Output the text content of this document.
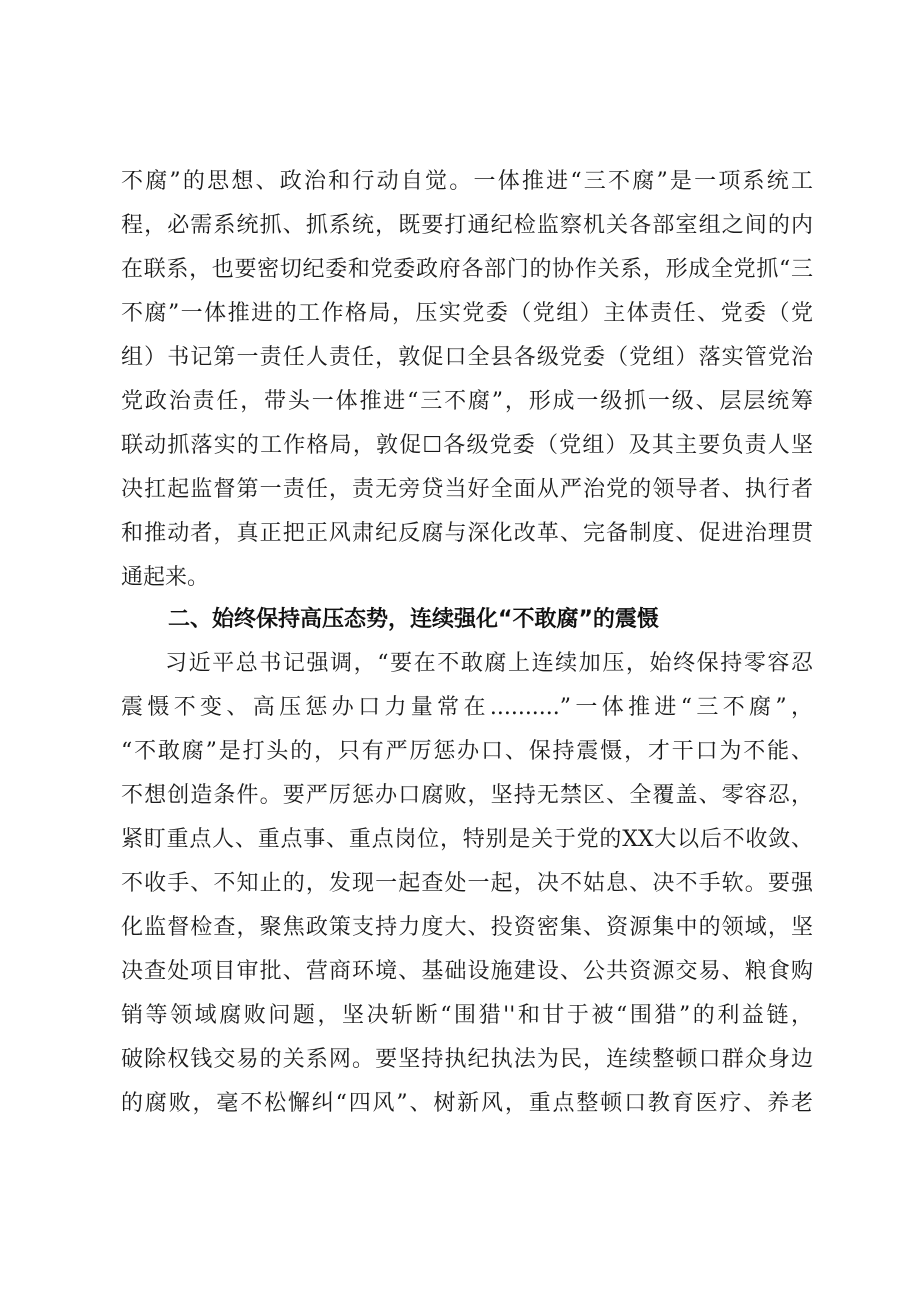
不腐”的思想、政治和行动自觉。一体推进“三不腐”是一项系统工
程，必需系统抓、抓系统，既要打通纪检监察机关各部室组之间的内
在联系，也要密切纪委和党委政府各部门的协作关系，形成全党抓“三
不腐”一体推进的工作格局，压实党委（党组）主体责任、党委（党
组）书记第一责任人责任，敦促口全县各级党委（党组）落实管党治
党政治责任，带头一体推进“三不腐”，形成一级抓一级、层层统筹
联动抓落实的工作格局，敦促☐各级党委（党组）及其主要负责人坚
决扛起监督第一责任，责无旁贷当好全面从严治党的领导者、执行者
和推动者，真正把正风肃纪反腐与深化改革、完备制度、促进治理贯
通起来。
二、始终保持高压态势，连续强化“不敢腐”的震慑
习近平总书记强调，“要在不敢腐上连续加压，始终保持零容忍
震慑不变、高压惩办口力量常在..........”一体推进“三不腐”，
“不敢腐”是打头的，只有严厉惩办口、保持震慑，才干口为不能、
不想创造条件。要严厉惩办口腐败，坚持无禁区、全覆盖、零容忍，
紧盯重点人、重点事、重点岗位，特别是关于党的XX大以后不收敛、
不收手、不知止的，发现一起查处一起，决不姑息、决不手软。要强
化监督检查，聚焦政策支持力度大、投资密集、资源集中的领域，坚
决查处项目审批、营商环境、基础设施建设、公共资源交易、粮食购
销等领域腐败问题，坚决斩断“围猎''和甘于被“围猎”的利益链，
破除权钱交易的关系网。要坚持执纪执法为民，连续整顿口群众身边
的腐败，毫不松懈纠“四风”、树新风，重点整顿口教育医疗、养老
